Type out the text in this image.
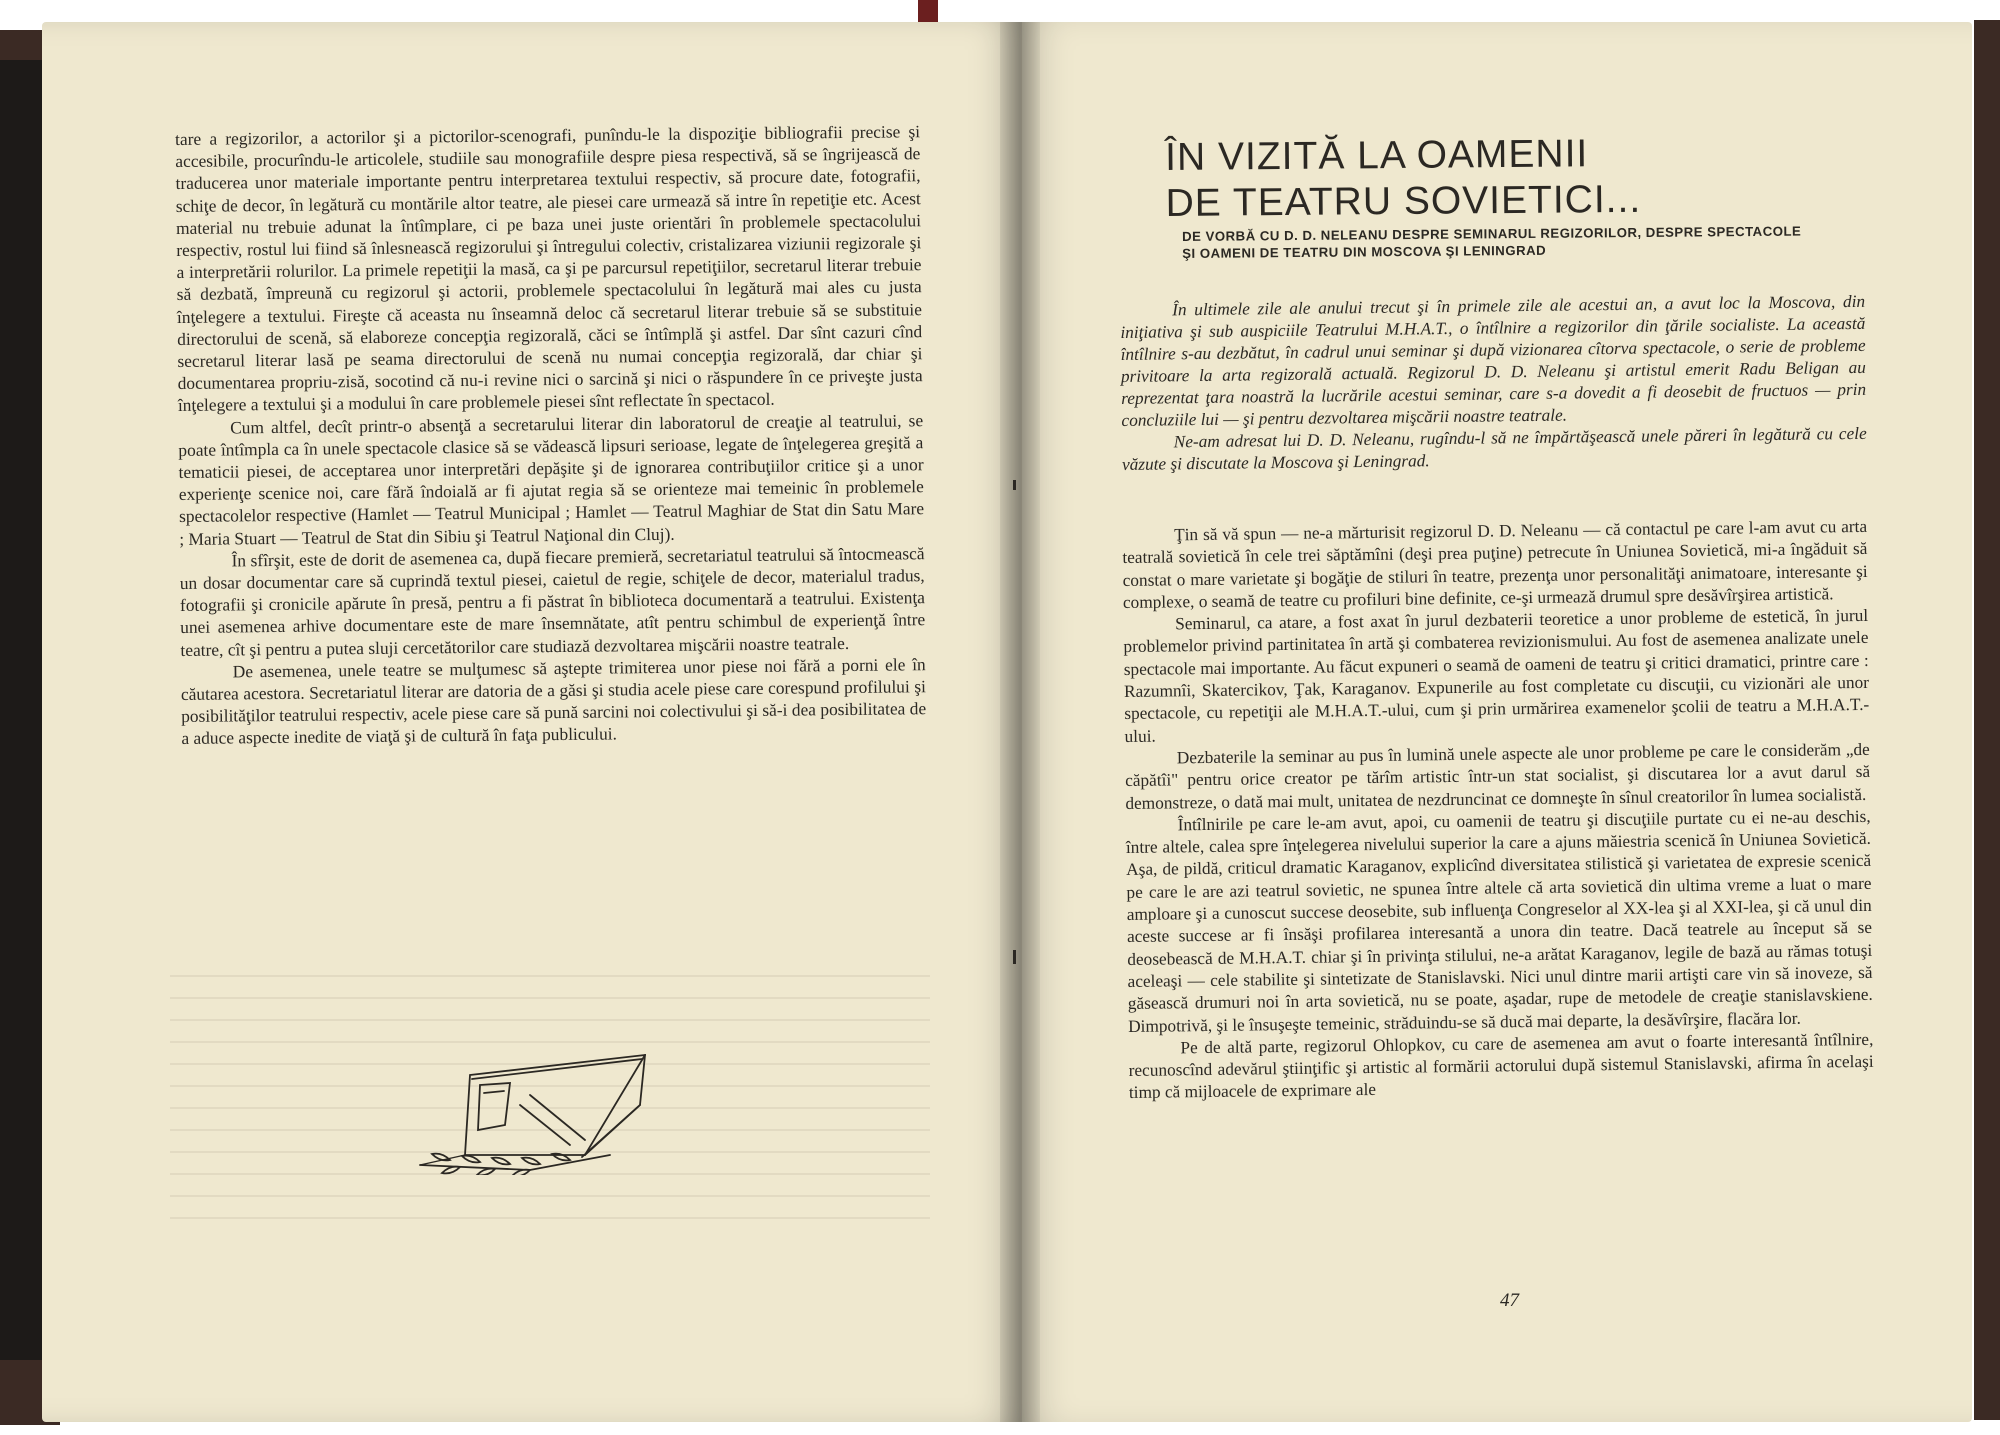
tare a regizorilor, a actorilor şi a pictorilor-scenografi, punîndu-le la dispoziţie bibliografii precise şi accesibile, procurîndu-le articolele, studiile sau monografiile despre piesa respectivă, să se îngrijească de traducerea unor materiale importante pentru interpretarea textului respectiv, să procure date, fotografii, schiţe de decor, în legătură cu montările altor teatre, ale piesei care urmează să intre în repetiţie etc. Acest material nu trebuie adunat la întîmplare, ci pe baza unei juste orientări în problemele spectacolului respectiv, rostul lui fiind să înlesnească regizorului şi întregului colectiv, cristalizarea viziunii regizorale şi a interpretării rolurilor. La primele repetiţii la masă, ca şi pe parcursul repetiţiilor, secretarul literar trebuie să dezbată, împreună cu regizorul şi actorii, problemele spectacolului în legătură mai ales cu justa înţelegere a textului. Fireşte că aceasta nu înseamnă deloc că secretarul literar trebuie să se substituie directorului de scenă, să elaboreze concepţia regizorală, căci se întîmplă şi astfel. Dar sînt cazuri cînd secretarul literar lasă pe seama directorului de scenă nu numai concepţia regizorală, dar chiar şi documentarea propriu-zisă, socotind că nu-i revine nici o sarcină şi nici o răspundere în ce priveşte justa înţelegere a textului şi a modului în care problemele piesei sînt reflectate în spectacol.

Cum altfel, decît printr-o absenţă a secretarului literar din laboratorul de creaţie al teatrului, se poate întîmpla ca în unele spectacole clasice să se vădească lipsuri serioase, legate de înţelegerea greşită a tematicii piesei, de acceptarea unor interpretări depăşite şi de ignorarea contribuţiilor critice şi a unor experienţe scenice noi, care fără îndoială ar fi ajutat regia să se orienteze mai temeinic în problemele spectacolelor respective (Hamlet — Teatrul Municipal ; Hamlet — Teatrul Maghiar de Stat din Satu Mare ; Maria Stuart — Teatrul de Stat din Sibiu şi Teatrul Naţional din Cluj).

În sfîrşit, este de dorit de asemenea ca, după fiecare premieră, secretariatul teatrului să întocmească un dosar documentar care să cuprindă textul piesei, caietul de regie, schiţele de decor, materialul tradus, fotografii şi cronicile apărute în presă, pentru a fi păstrat în biblioteca documentară a teatrului. Existenţa unei asemenea arhive documentare este de mare însemnătate, atît pentru schimbul de experienţă între teatre, cît şi pentru a putea sluji cercetătorilor care studiază dezvoltarea mişcării noastre teatrale.

De asemenea, unele teatre se mulţumesc să aştepte trimiterea unor piese noi fără a porni ele în căutarea acestora. Secretariatul literar are datoria de a găsi şi studia acele piese care corespund profilului şi posibilităţilor teatrului respectiv, acele piese care să pună sarcini noi colectivului şi să-i dea posibilitatea de a aduce aspecte inedite de viaţă şi de cultură în faţa publicului.

ÎN VIZITĂ LA OAMENII
DE TEATRU SOVIETICI...
DE VORBĂ CU D. D. NELEANU DESPRE SEMINARUL REGIZORILOR, DESPRE SPECTACOLE
ŞI OAMENI DE TEATRU DIN MOSCOVA ŞI LENINGRAD

În ultimele zile ale anului trecut şi în primele zile ale acestui an, a avut loc la Moscova, din iniţiativa şi sub auspiciile Teatrului M.H.A.T., o întîlnire a regizorilor din ţările socialiste. La această întîlnire s-au dezbătut, în cadrul unui seminar şi după vizionarea cîtorva spectacole, o serie de probleme privitoare la arta regizorală actuală. Regizorul D. D. Neleanu şi artistul emerit Radu Beligan au reprezentat ţara noastră la lucrările acestui seminar, care s-a dovedit a fi deosebit de fructuos — prin concluziile lui — şi pentru dezvoltarea mişcării noastre teatrale.

Ne-am adresat lui D. D. Neleanu, rugîndu-l să ne împărtăşească unele păreri în legătură cu cele văzute şi discutate la Moscova şi Leningrad.

Ţin să vă spun — ne-a mărturisit regizorul D. D. Neleanu — că contactul pe care l-am avut cu arta teatrală sovietică în cele trei săptămîni (deşi prea puţine) petrecute în Uniunea Sovietică, mi-a îngăduit să constat o mare varietate şi bogăţie de stiluri în teatre, prezenţa unor personalităţi animatoare, interesante şi complexe, o seamă de teatre cu profiluri bine definite, ce-şi urmează drumul spre desăvîrşirea artistică.

Seminarul, ca atare, a fost axat în jurul dezbaterii teoretice a unor probleme de estetică, în jurul problemelor privind partinitatea în artă şi combaterea revizionismului. Au fost de asemenea analizate unele spectacole mai importante. Au făcut expuneri o seamă de oameni de teatru şi critici dramatici, printre care : Razumnîi, Skatercikov, Ţak, Karaganov. Expunerile au fost completate cu discuţii, cu vizionări ale unor spectacole, cu repetiţii ale M.H.A.T.-ului, cum şi prin urmărirea examenelor şcolii de teatru a M.H.A.T.-ului.

Dezbaterile la seminar au pus în lumină unele aspecte ale unor probleme pe care le considerăm „de căpătîi" pentru orice creator pe tărîm artistic într-un stat socialist, şi discutarea lor a avut darul să demonstreze, o dată mai mult, unitatea de nezdruncinat ce domneşte în sînul creatorilor în lumea socialistă.

Întîlnirile pe care le-am avut, apoi, cu oamenii de teatru şi discuţiile purtate cu ei ne-au deschis, între altele, calea spre înţelegerea nivelului superior la care a ajuns măiestria scenică în Uniunea Sovietică. Aşa, de pildă, criticul dramatic Karaganov, explicînd diversitatea stilistică şi varietatea de expresie scenică pe care le are azi teatrul sovietic, ne spunea între altele că arta sovietică din ultima vreme a luat o mare amploare şi a cunoscut succese deosebite, sub influenţa Congreselor al XX-lea şi al XXI-lea, şi că unul din aceste succese ar fi însăşi profilarea interesantă a unora din teatre. Dacă teatrele au început să se deosebească de M.H.A.T. chiar şi în privinţa stilului, ne-a arătat Karaganov, legile de bază au rămas totuşi aceleaşi — cele stabilite şi sintetizate de Stanislavski. Nici unul dintre marii artişti care vin să inoveze, să găsească drumuri noi în arta sovietică, nu se poate, aşadar, rupe de metodele de creaţie stanislavskiene. Dimpotrivă, şi le însuşeşte temeinic, străduindu-se să ducă mai departe, la desăvîrşire, flacăra lor.

Pe de altă parte, regizorul Ohlopkov, cu care de asemenea am avut o foarte interesantă întîlnire, recunoscînd adevărul ştiinţific şi artistic al formării actorului după sistemul Stanislavski, afirma în acelaşi timp că mijloacele de exprimare ale

47
